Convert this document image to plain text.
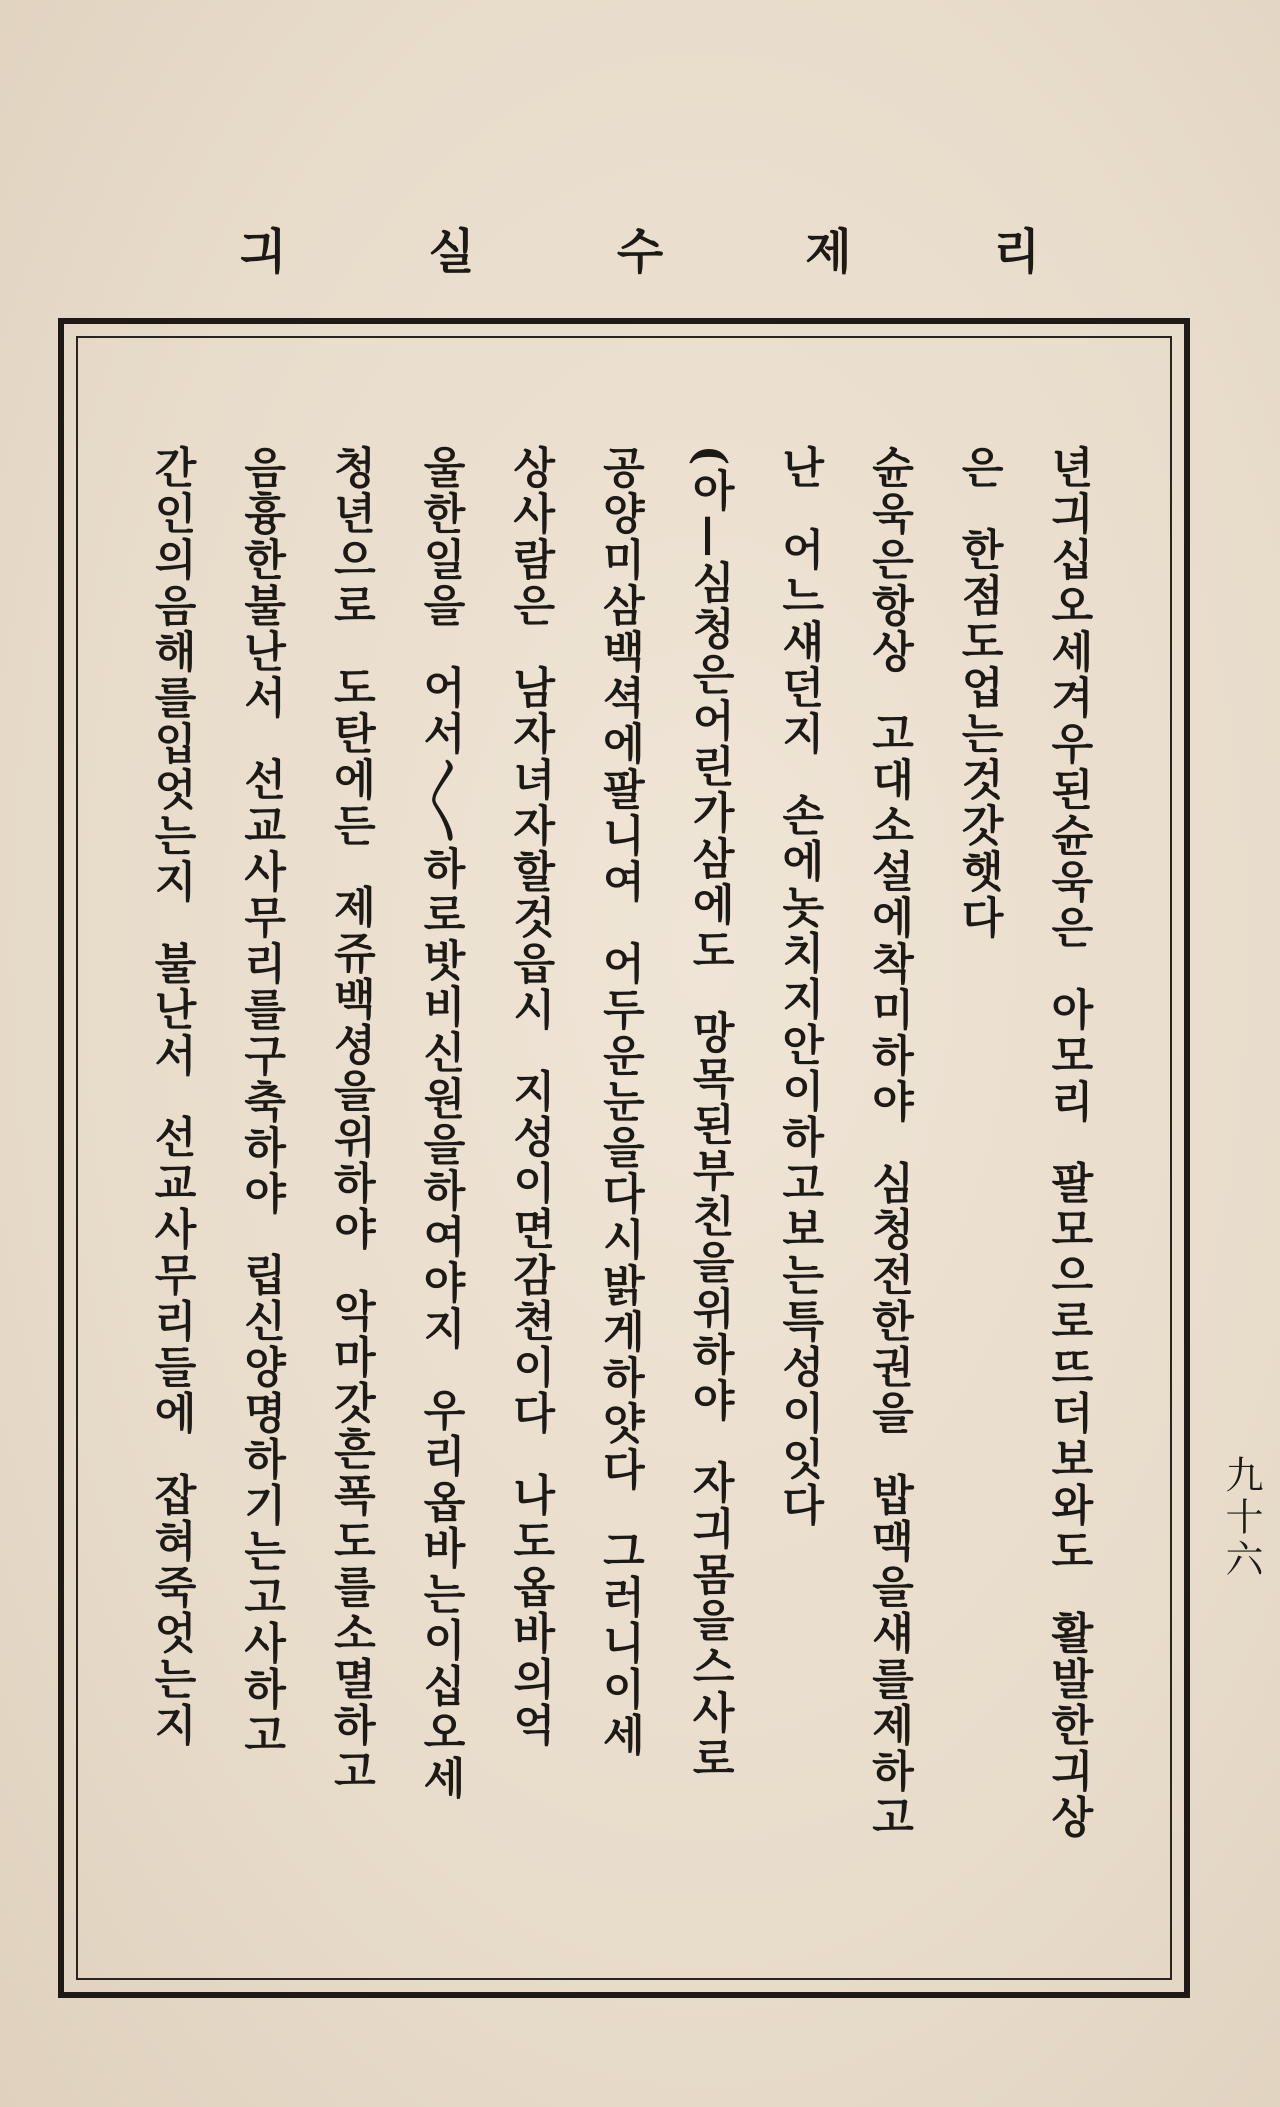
리
제
수
실
긔
년긔십오세겨우된슌욱은  아모리  팔모으로뜨더보와도  활발한긔상
은  한점도업는것갓햇다
슌욱은항상  고대소설에착미하야  심청전한권을  밥맥을섀를제하고
난  어느섀던지  손에놋치지안이하고보는특성이잇다
(아—심청은어린가삼에도  망목된부친을위하야  자긔몸을스사로
공양미삼백셕에팔니여  어두운눈을다시밝게하얏다  그러니이세
상사람은  남자녀자할것읍시  지성이면감쳔이다  나도옵바의억
울한일을  어서〳〵하로밧비신원을하여야지  우리옵바는이십오세
청년으로  도탄에든  제쥬백셩을위하야  악마갓흔폭도를소멸하고
음흉한불난서  선교사무리를구축하야  립신양명하기는고사하고
간인의음해를입엇는지  불난서  선교사무리들에  잡혀죽엇는지	九十六
